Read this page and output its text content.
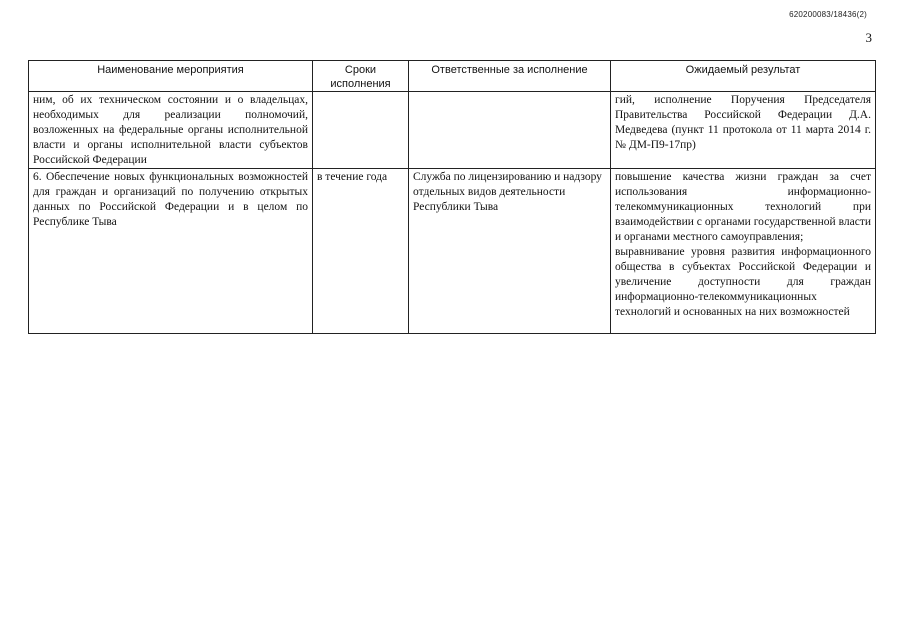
620200083/18436(2)
3
Наименование мероприятия	Сроки исполнения	Ответственные за исполнение	Ожидаемый результат
ним, об их техническом состоянии и о владельцах, необходимых для реализации полномочий, возложенных на федеральные органы исполнительной власти и органы исполнительной власти субъектов Российской Федерации			гий, исполнение Поручения Председателя Правительства Российской Федерации Д.А. Медведева (пункт 11 протокола от 11 марта 2014 г. № ДМ-П9-17пр)

6. Обеспечение новых функциональных возможностей для граждан и организаций по получению открытых данных по Российской Федерации и в целом по Республике Тыва	в течение года	Служба по лицензированию и надзору отдельных видов деятельности Республики Тыва	повышение качества жизни граждан за счет использования информационно-телекоммуникационных технологий при взаимодействии с органами государственной власти и органами местного самоуправления;
выравнивание уровня развития информационного общества в субъектах Российской Федерации и увеличение доступности для граждан информационно-телекоммуникационных технологий и основанных на них возможностей
